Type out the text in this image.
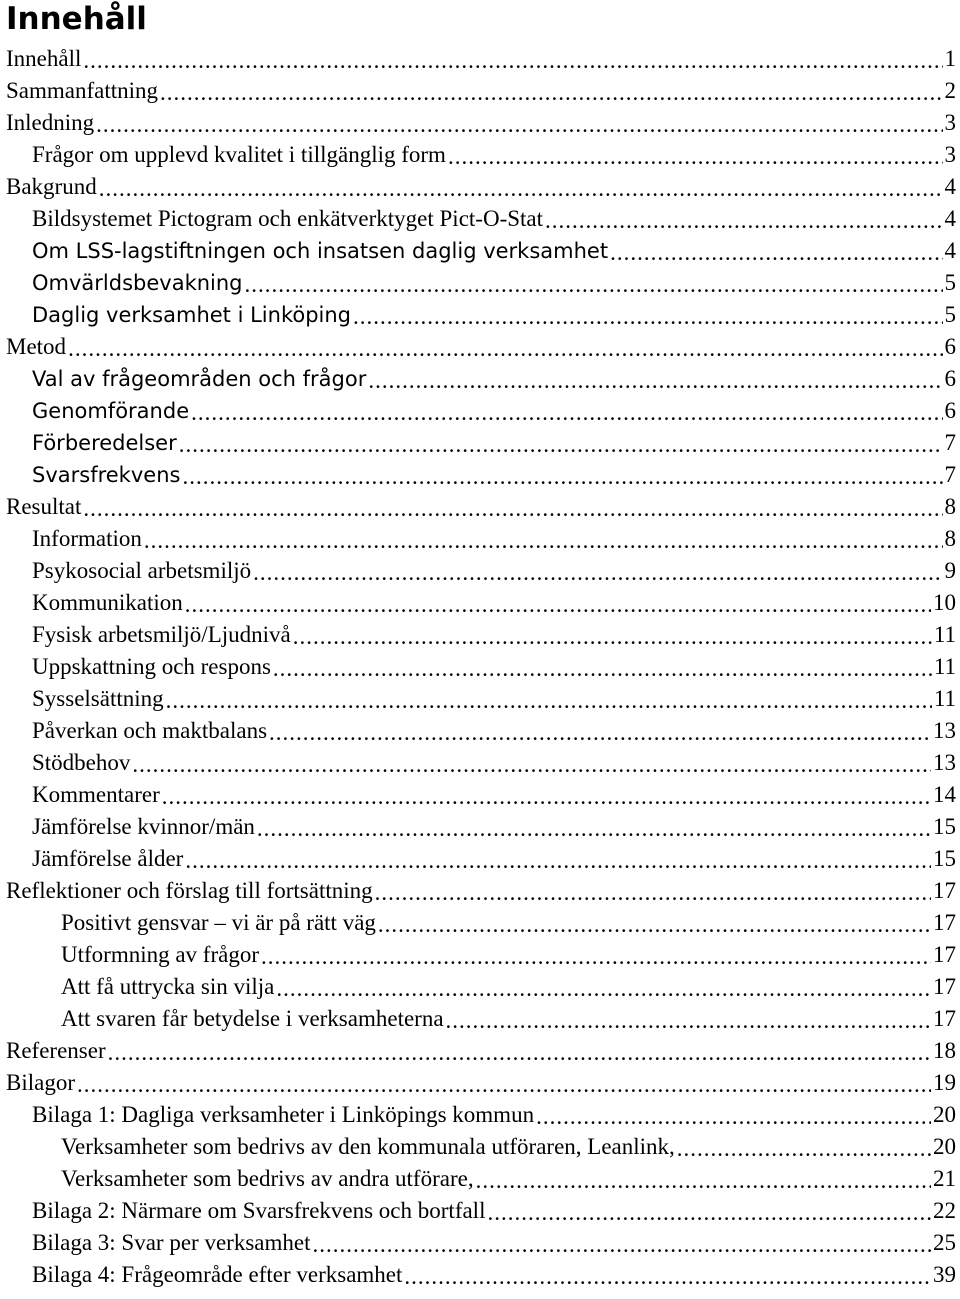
Innehåll
Innehåll .....	1
Sammanfattning .....	2
Inledning .....	3
Frågor om upplevd kvalitet i tillgänglig form .....	3
Bakgrund .....	4
Bildsystemet Pictogram och enkätverktyget Pict-O-Stat .....	4
Om LSS-lagstiftningen och insatsen daglig verksamhet .....	4
Omvärldsbevakning .....	5
Daglig verksamhet i Linköping .....	5
Metod .....	6
Val av frågeområden och frågor .....	6
Genomförande .....	6
Förberedelser .....	7
Svarsfrekvens .....	7
Resultat .....	8
Information .....	8
Psykosocial arbetsmiljö .....	9
Kommunikation .....	10
Fysisk arbetsmiljö/Ljudnivå .....	11
Uppskattning och respons .....	11
Sysselsättning .....	11
Påverkan och maktbalans .....	13
Stödbehov .....	13
Kommentarer .....	14
Jämförelse kvinnor/män .....	15
Jämförelse ålder .....	15
Reflektioner och förslag till fortsättning .....	17
Positivt gensvar – vi är på rätt väg .....	17
Utformning av frågor .....	17
Att få uttrycka sin vilja .....	17
Att svaren får betydelse i verksamheterna .....	17
Referenser .....	18
Bilagor .....	19
Bilaga 1: Dagliga verksamheter i Linköpings kommun .....	20
Verksamheter som bedrivs av den kommunala utföraren, Leanlink, .....	20
Verksamheter som bedrivs av andra utförare, .....	21
Bilaga 2: Närmare om Svarsfrekvens och bortfall .....	22
Bilaga 3: Svar per verksamhet .....	25
Bilaga 4: Frågeområde efter verksamhet .....	39
